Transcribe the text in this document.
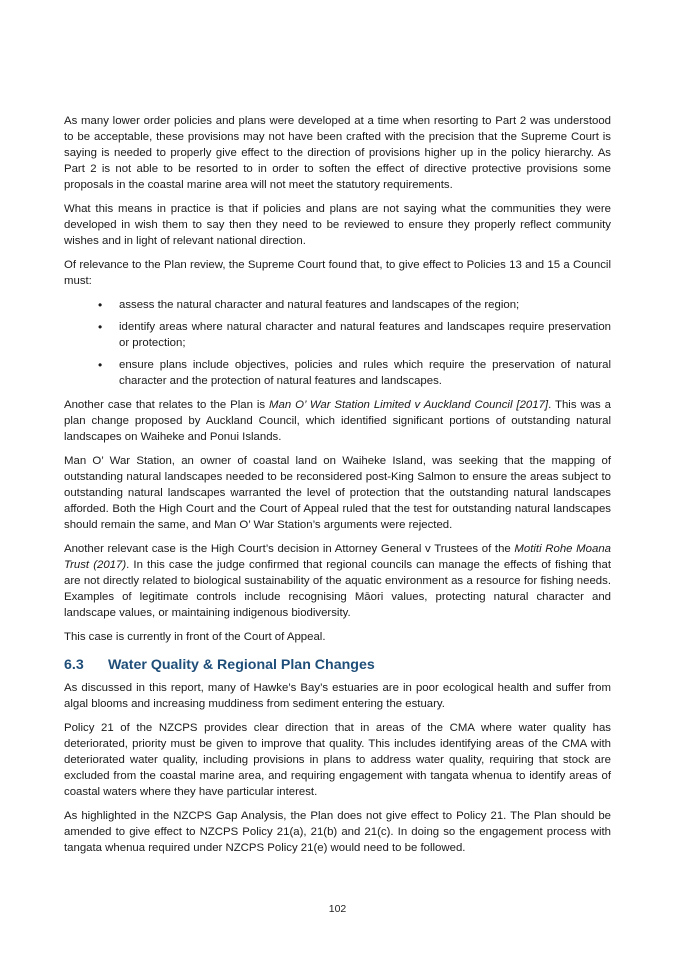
As many lower order policies and plans were developed at a time when resorting to Part 2 was understood to be acceptable, these provisions may not have been crafted with the precision that the Supreme Court is saying is needed to properly give effect to the direction of provisions higher up in the policy hierarchy. As Part 2 is not able to be resorted to in order to soften the effect of directive protective provisions some proposals in the coastal marine area will not meet the statutory requirements.

What this means in practice is that if policies and plans are not saying what the communities they were developed in wish them to say then they need to be reviewed to ensure they properly reflect community wishes and in light of relevant national direction.

Of relevance to the Plan review, the Supreme Court found that, to give effect to Policies 13 and 15 a Council must:

• assess the natural character and natural features and landscapes of the region;
• identify areas where natural character and natural features and landscapes require preservation or protection;
• ensure plans include objectives, policies and rules which require the preservation of natural character and the protection of natural features and landscapes.

Another case that relates to the Plan is Man O’ War Station Limited v Auckland Council [2017]. This was a plan change proposed by Auckland Council, which identified significant portions of outstanding natural landscapes on Waiheke and Ponui Islands.

Man O’ War Station, an owner of coastal land on Waiheke Island, was seeking that the mapping of outstanding natural landscapes needed to be reconsidered post-King Salmon to ensure the areas subject to outstanding natural landscapes warranted the level of protection that the outstanding natural landscapes afforded. Both the High Court and the Court of Appeal ruled that the test for outstanding natural landscapes should remain the same, and Man O’ War Station’s arguments were rejected.

Another relevant case is the High Court’s decision in Attorney General v Trustees of the Motiti Rohe Moana Trust (2017). In this case the judge confirmed that regional councils can manage the effects of fishing that are not directly related to biological sustainability of the aquatic environment as a resource for fishing needs. Examples of legitimate controls include recognising Māori values, protecting natural character and landscape values, or maintaining indigenous biodiversity.

This case is currently in front of the Court of Appeal.

6.3 Water Quality & Regional Plan Changes

As discussed in this report, many of Hawke’s Bay’s estuaries are in poor ecological health and suffer from algal blooms and increasing muddiness from sediment entering the estuary.

Policy 21 of the NZCPS provides clear direction that in areas of the CMA where water quality has deteriorated, priority must be given to improve that quality. This includes identifying areas of the CMA with deteriorated water quality, including provisions in plans to address water quality, requiring that stock are excluded from the coastal marine area, and requiring engagement with tangata whenua to identify areas of coastal waters where they have particular interest.

As highlighted in the NZCPS Gap Analysis, the Plan does not give effect to Policy 21. The Plan should be amended to give effect to NZCPS Policy 21(a), 21(b) and 21(c). In doing so the engagement process with tangata whenua required under NZCPS Policy 21(e) would need to be followed.

102
